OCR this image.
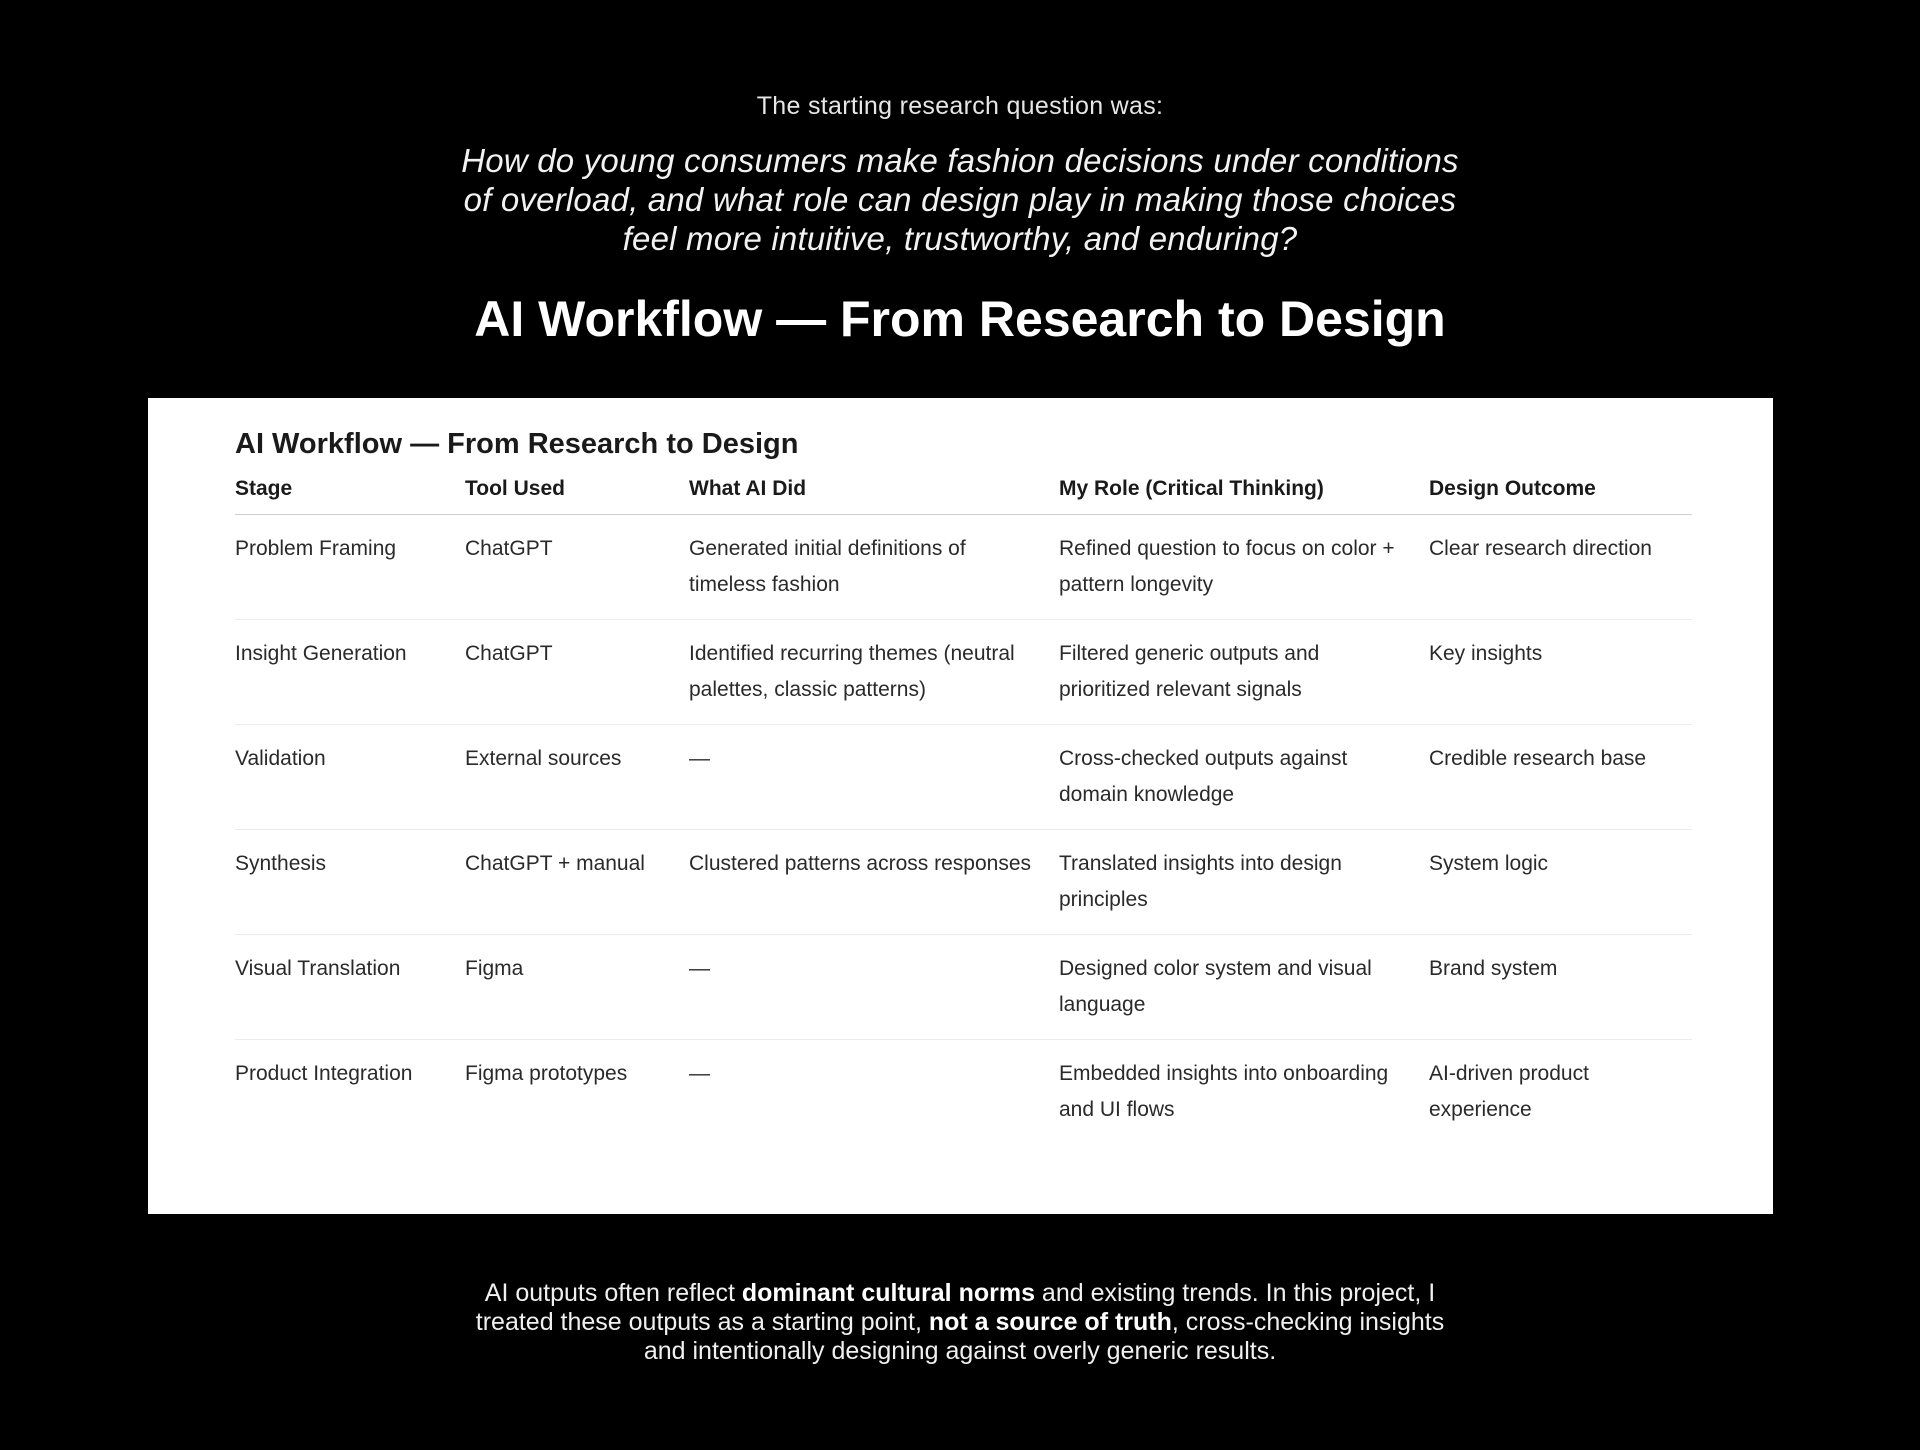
The starting research question was:
How do young consumers make fashion decisions under conditions of overload, and what role can design play in making those choices feel more intuitive, trustworthy, and enduring?
AI Workflow — From Research to Design
AI Workflow — From Research to Design
Stage	Tool Used	What AI Did	My Role (Critical Thinking)	Design Outcome
Problem Framing	ChatGPT	Generated initial definitions of timeless fashion	Refined question to focus on color + pattern longevity	Clear research direction
Insight Generation	ChatGPT	Identified recurring themes (neutral palettes, classic patterns)	Filtered generic outputs and prioritized relevant signals	Key insights
Validation	External sources	—	Cross-checked outputs against domain knowledge	Credible research base
Synthesis	ChatGPT + manual	Clustered patterns across responses	Translated insights into design principles	System logic
Visual Translation	Figma	—	Designed color system and visual language	Brand system
Product Integration	Figma prototypes	—	Embedded insights into onboarding and UI flows	AI-driven product experience
AI outputs often reflect dominant cultural norms and existing trends. In this project, I treated these outputs as a starting point, not a source of truth, cross-checking insights and intentionally designing against overly generic results.
